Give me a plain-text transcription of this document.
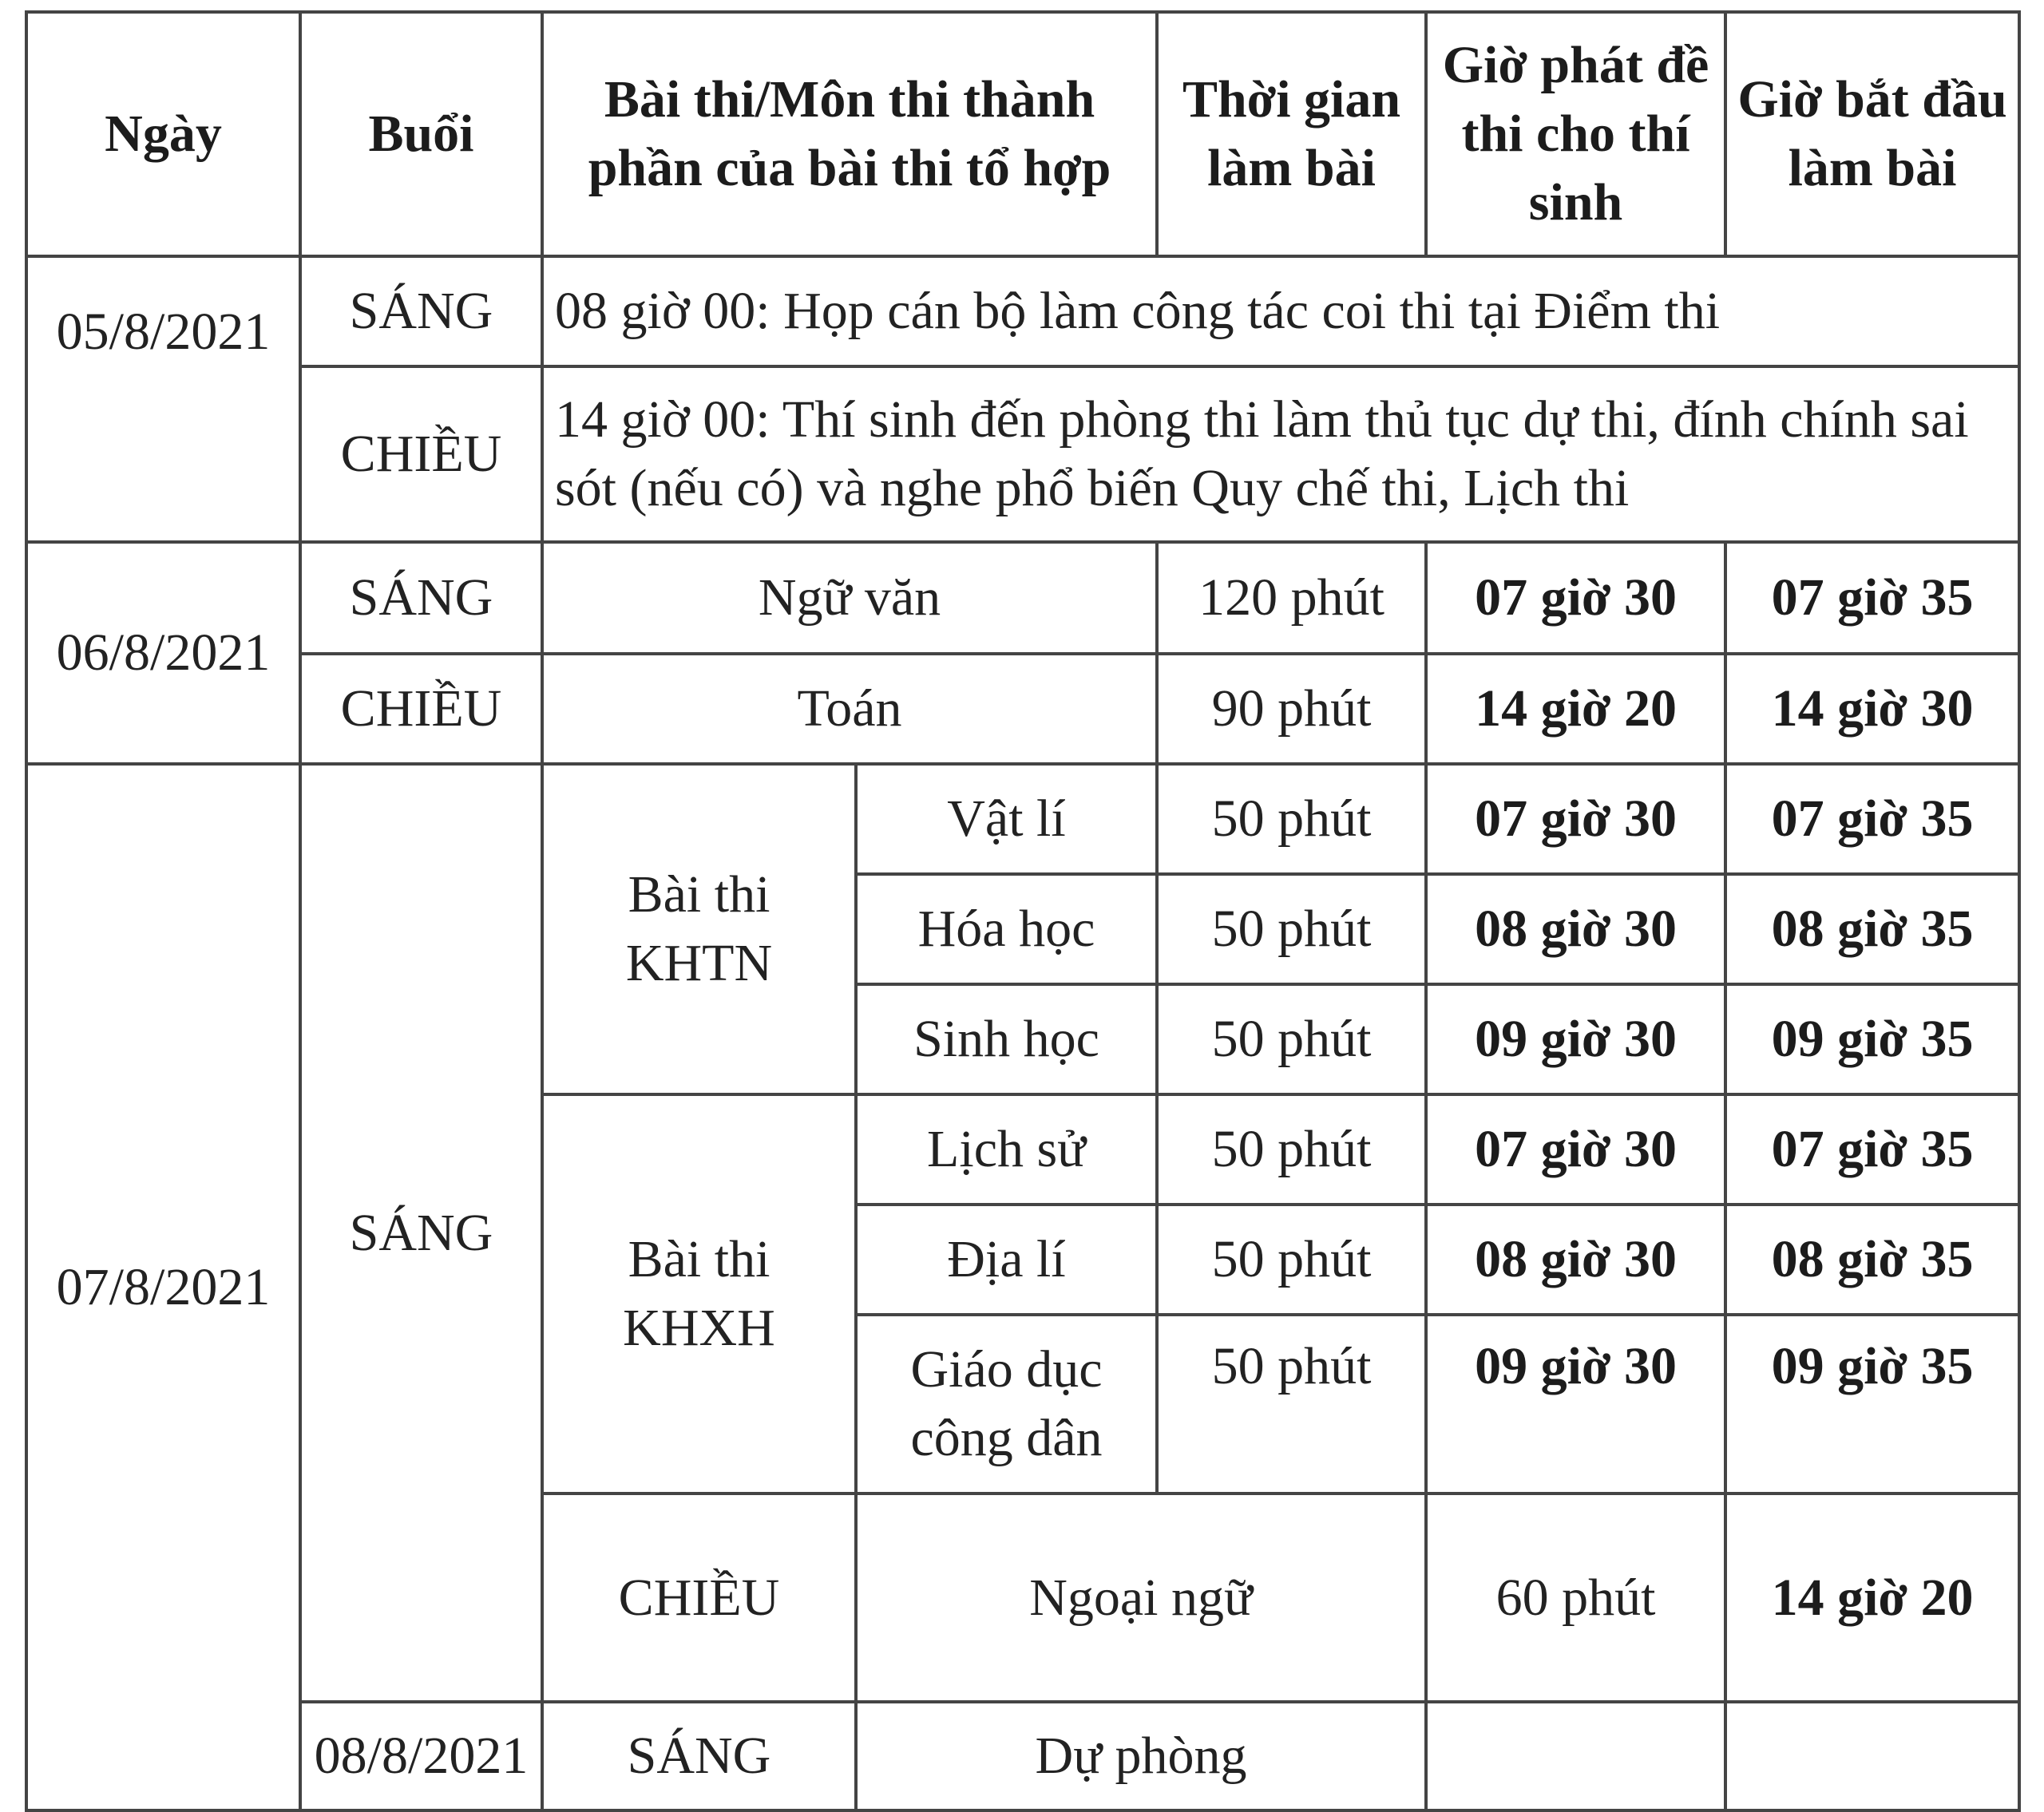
Ngày	Buổi	Bài thi/Môn thi thành phần của bài thi tổ hợp		Thời gian làm bài	Giờ phát đề thi cho thí sinh	Giờ bắt đầu làm bài	
05/8/2021	SÁNG	08 giờ 00: Họp cán bộ làm công tác coi thi tại Điểm thi					
	CHIỀU	14 giờ 00: Thí sinh đến phòng thi làm thủ tục dự thi, đính chính sai sót (nếu có) và nghe phổ biến Quy chế thi, Lịch thi					
06/8/2021	SÁNG	Ngữ văn		120 phút	07 giờ 30	07 giờ 35	
	CHIỀU	Toán		90 phút	14 giờ 20	14 giờ 30	
07/8/2021	SÁNG	Bài thi KHTN	Vật lí	50 phút	07 giờ 30	07 giờ 35	
			Hóa học	50 phút	08 giờ 30	08 giờ 35	
			Sinh học	50 phút	09 giờ 30	09 giờ 35	
		Bài thi KHXH	Lịch sử	50 phút	07 giờ 30	07 giờ 35	
			Địa lí	50 phút	08 giờ 30	08 giờ 35	
			Giáo dục công dân	50 phút	09 giờ 30	09 giờ 35	
		CHIỀU	Ngoại ngữ		60 phút	14 giờ 20	
	08/8/2021	SÁNG	Dự phòng				
